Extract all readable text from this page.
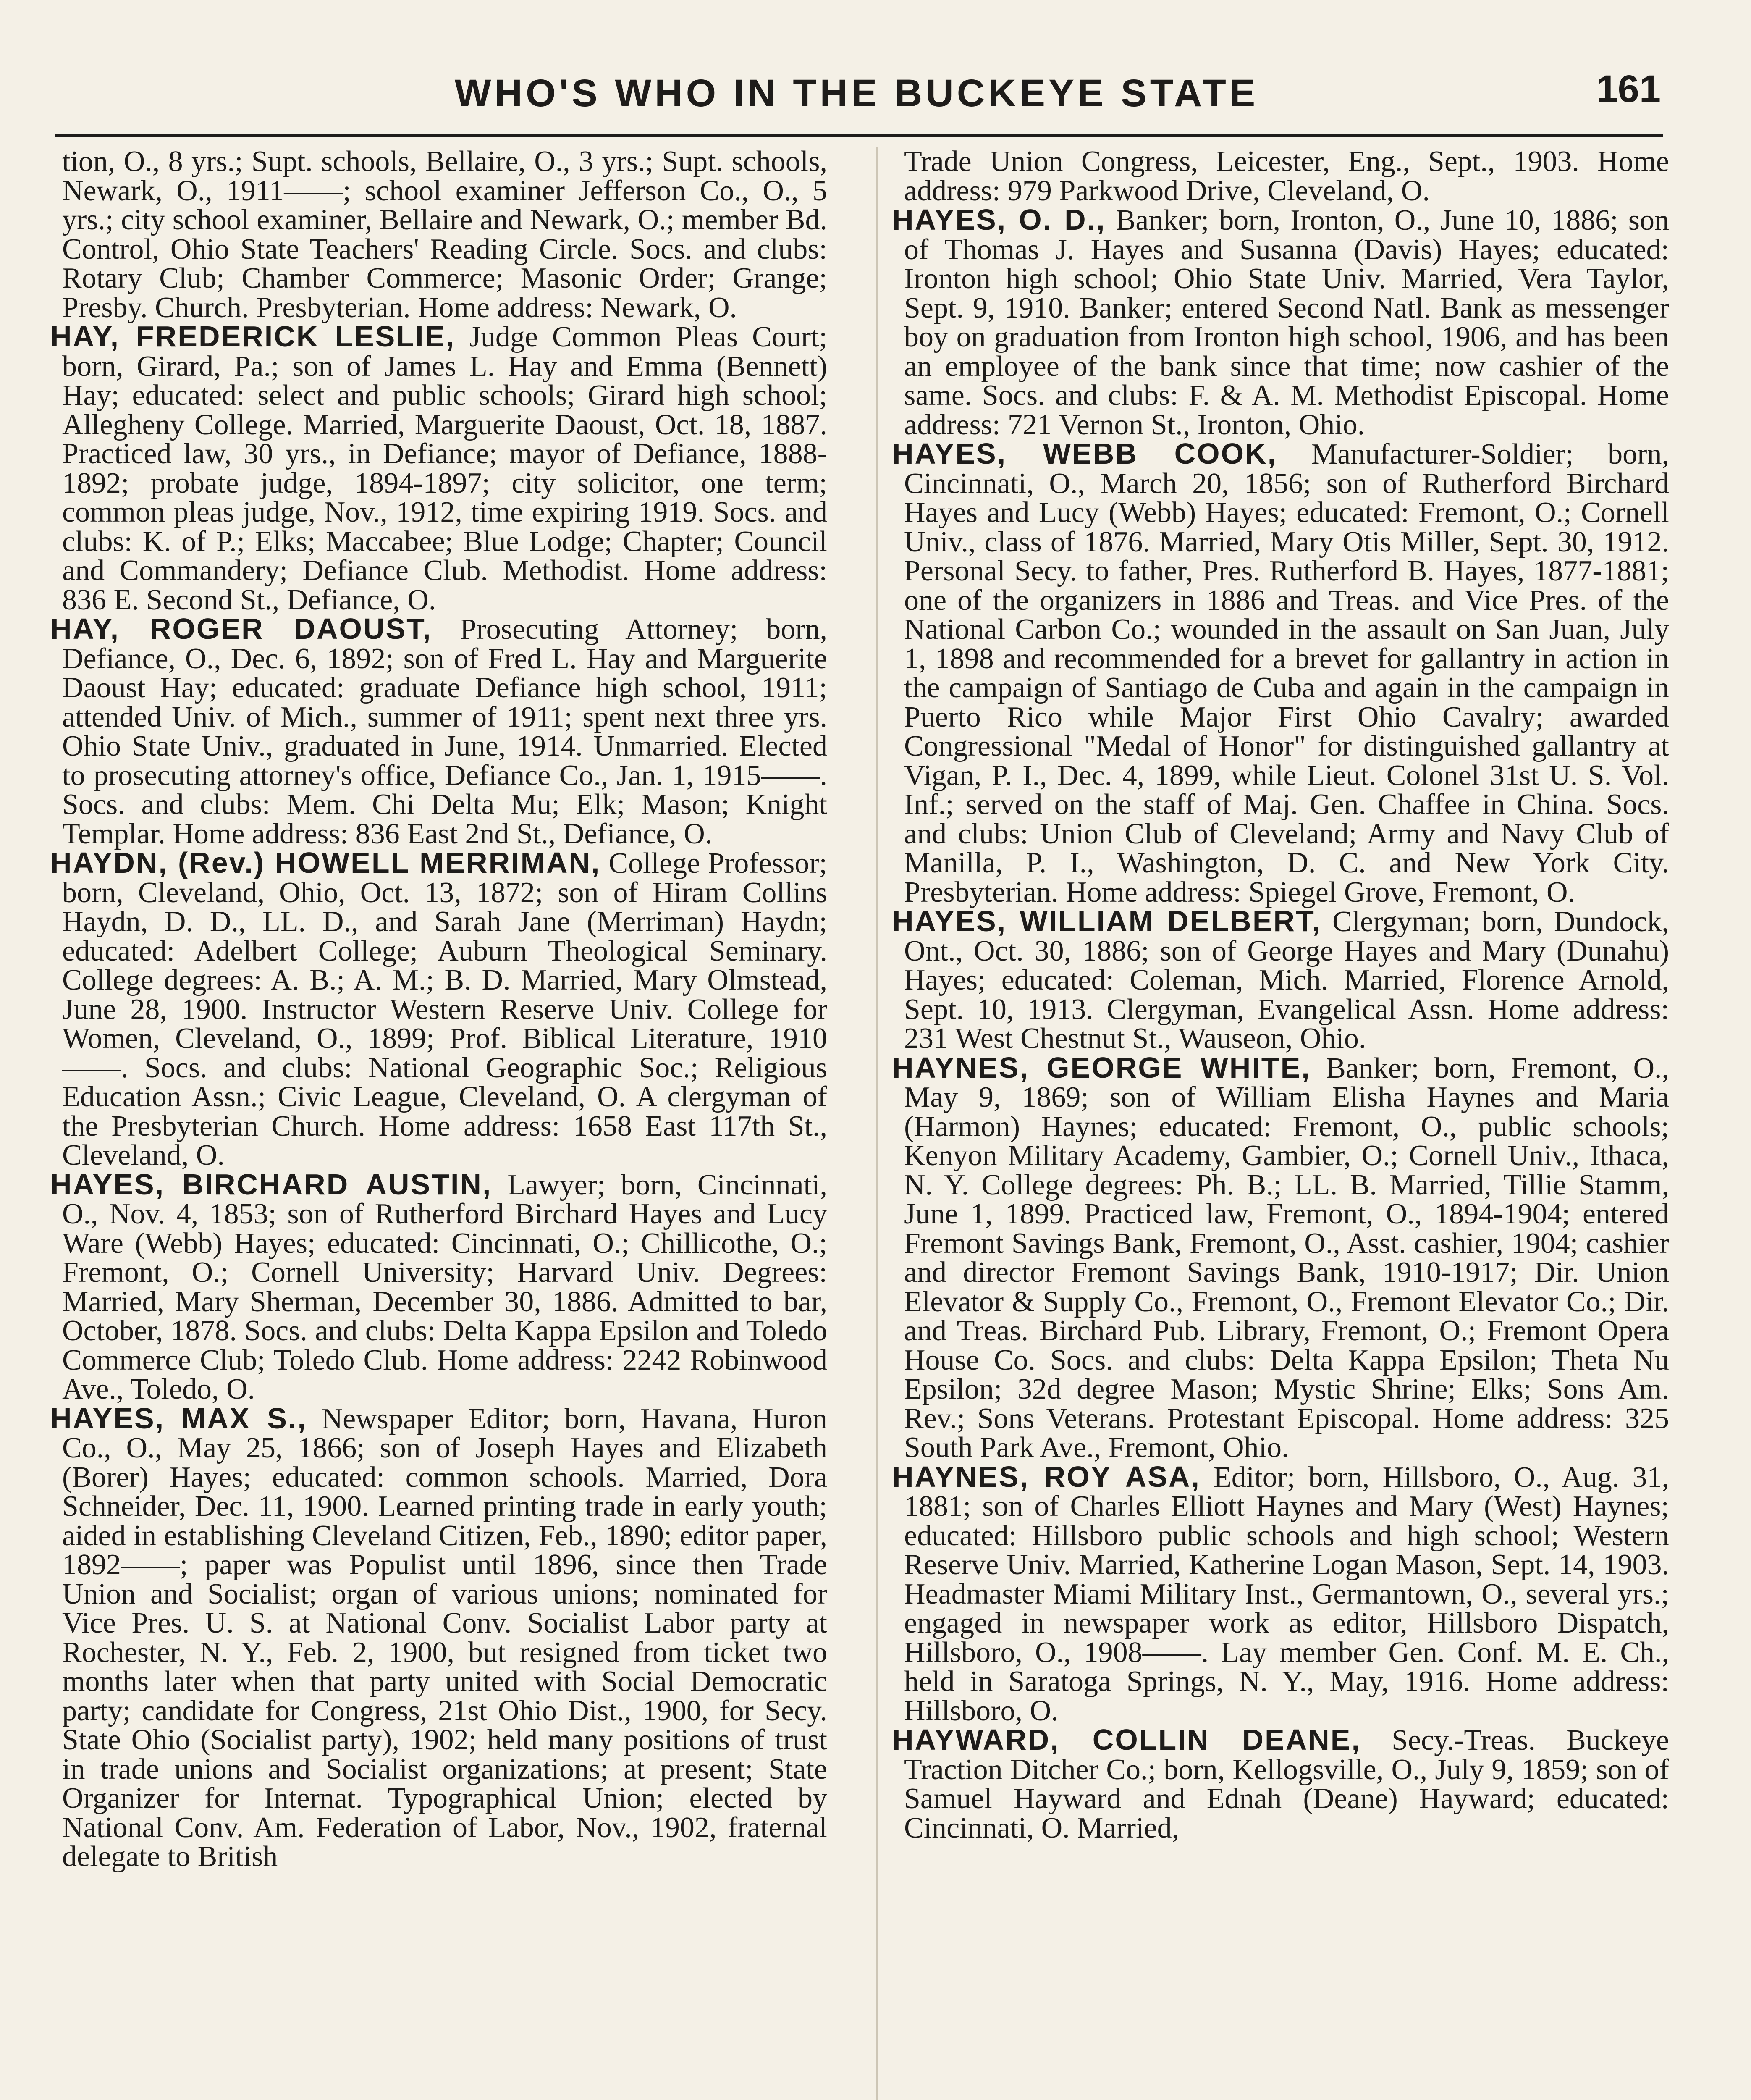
WHO'S WHO IN THE BUCKEYE STATE	161

tion, O., 8 yrs.; Supt. schools, Bellaire, O., 3 yrs.; Supt. schools, Newark, O., 1911——; school examiner Jefferson Co., O., 5 yrs.; city school examiner, Bellaire and Newark, O.; member Bd. Control, Ohio State Teachers' Reading Circle. Socs. and clubs: Rotary Club; Chamber Commerce; Masonic Order; Grange; Presby. Church. Presbyterian. Home address: Newark, O.

HAY, FREDERICK LESLIE, Judge Common Pleas Court; born, Girard, Pa.; son of James L. Hay and Emma (Bennett) Hay; educated: select and public schools; Girard high school; Allegheny College. Married, Marguerite Daoust, Oct. 18, 1887. Practiced law, 30 yrs., in Defiance; mayor of Defiance, 1888-1892; probate judge, 1894-1897; city solicitor, one term; common pleas judge, Nov., 1912, time expiring 1919. Socs. and clubs: K. of P.; Elks; Maccabee; Blue Lodge; Chapter; Council and Commandery; Defiance Club. Methodist. Home address: 836 E. Second St., Defiance, O.

HAY, ROGER DAOUST, Prosecuting Attorney; born, Defiance, O., Dec. 6, 1892; son of Fred L. Hay and Marguerite Daoust Hay; educated: graduate Defiance high school, 1911; attended Univ. of Mich., summer of 1911; spent next three yrs. Ohio State Univ., graduated in June, 1914. Unmarried. Elected to prosecuting attorney's office, Defiance Co., Jan. 1, 1915——. Socs. and clubs: Mem. Chi Delta Mu; Elk; Mason; Knight Templar. Home address: 836 East 2nd St., Defiance, O.

HAYDN, (Rev.) HOWELL MERRIMAN, College Professor; born, Cleveland, Ohio, Oct. 13, 1872; son of Hiram Collins Haydn, D. D., LL. D., and Sarah Jane (Merriman) Haydn; educated: Adelbert College; Auburn Theological Seminary. College degrees: A. B.; A. M.; B. D. Married, Mary Olmstead, June 28, 1900. Instructor Western Reserve Univ. College for Women, Cleveland, O., 1899; Prof. Biblical Literature, 1910——. Socs. and clubs: National Geographic Soc.; Religious Education Assn.; Civic League, Cleveland, O. A clergyman of the Presbyterian Church. Home address: 1658 East 117th St., Cleveland, O.

HAYES, BIRCHARD AUSTIN, Lawyer; born, Cincinnati, O., Nov. 4, 1853; son of Rutherford Birchard Hayes and Lucy Ware (Webb) Hayes; educated: Cincinnati, O.; Chillicothe, O.; Fremont, O.; Cornell University; Harvard Univ. Degrees: Married, Mary Sherman, December 30, 1886. Admitted to bar, October, 1878. Socs. and clubs: Delta Kappa Epsilon and Toledo Commerce Club; Toledo Club. Home address: 2242 Robinwood Ave., Toledo, O.

HAYES, MAX S., Newspaper Editor; born, Havana, Huron Co., O., May 25, 1866; son of Joseph Hayes and Elizabeth (Borer) Hayes; educated: common schools. Married, Dora Schneider, Dec. 11, 1900. Learned printing trade in early youth; aided in establishing Cleveland Citizen, Feb., 1890; editor paper, 1892——; paper was Populist until 1896, since then Trade Union and Socialist; organ of various unions; nominated for Vice Pres. U. S. at National Conv. Socialist Labor party at Rochester, N. Y., Feb. 2, 1900, but resigned from ticket two months later when that party united with Social Democratic party; candidate for Congress, 21st Ohio Dist., 1900, for Secy. State Ohio (Socialist party), 1902; held many positions of trust in trade unions and Socialist organizations; at present; State Organizer for Internat. Typographical Union; elected by National Conv. Am. Federation of Labor, Nov., 1902, fraternal delegate to British

Trade Union Congress, Leicester, Eng., Sept., 1903. Home address: 979 Parkwood Drive, Cleveland, O.

HAYES, O. D., Banker; born, Ironton, O., June 10, 1886; son of Thomas J. Hayes and Susanna (Davis) Hayes; educated: Ironton high school; Ohio State Univ. Married, Vera Taylor, Sept. 9, 1910. Banker; entered Second Natl. Bank as messenger boy on graduation from Ironton high school, 1906, and has been an employee of the bank since that time; now cashier of the same. Socs. and clubs: F. & A. M. Methodist Episcopal. Home address: 721 Vernon St., Ironton, Ohio.

HAYES, WEBB COOK, Manufacturer-Soldier; born, Cincinnati, O., March 20, 1856; son of Rutherford Birchard Hayes and Lucy (Webb) Hayes; educated: Fremont, O.; Cornell Univ., class of 1876. Married, Mary Otis Miller, Sept. 30, 1912. Personal Secy. to father, Pres. Rutherford B. Hayes, 1877-1881; one of the organizers in 1886 and Treas. and Vice Pres. of the National Carbon Co.; wounded in the assault on San Juan, July 1, 1898 and recommended for a brevet for gallantry in action in the campaign of Santiago de Cuba and again in the campaign in Puerto Rico while Major First Ohio Cavalry; awarded Congressional "Medal of Honor" for distinguished gallantry at Vigan, P. I., Dec. 4, 1899, while Lieut. Colonel 31st U. S. Vol. Inf.; served on the staff of Maj. Gen. Chaffee in China. Socs. and clubs: Union Club of Cleveland; Army and Navy Club of Manilla, P. I., Washington, D. C. and New York City. Presbyterian. Home address: Spiegel Grove, Fremont, O.

HAYES, WILLIAM DELBERT, Clergyman; born, Dundock, Ont., Oct. 30, 1886; son of George Hayes and Mary (Dunahu) Hayes; educated: Coleman, Mich. Married, Florence Arnold, Sept. 10, 1913. Clergyman, Evangelical Assn. Home address: 231 West Chestnut St., Wauseon, Ohio.

HAYNES, GEORGE WHITE, Banker; born, Fremont, O., May 9, 1869; son of William Elisha Haynes and Maria (Harmon) Haynes; educated: Fremont, O., public schools; Kenyon Military Academy, Gambier, O.; Cornell Univ., Ithaca, N. Y. College degrees: Ph. B.; LL. B. Married, Tillie Stamm, June 1, 1899. Practiced law, Fremont, O., 1894-1904; entered Fremont Savings Bank, Fremont, O., Asst. cashier, 1904; cashier and director Fremont Savings Bank, 1910-1917; Dir. Union Elevator & Supply Co., Fremont, O., Fremont Elevator Co.; Dir. and Treas. Birchard Pub. Library, Fremont, O.; Fremont Opera House Co. Socs. and clubs: Delta Kappa Epsilon; Theta Nu Epsilon; 32d degree Mason; Mystic Shrine; Elks; Sons Am. Rev.; Sons Veterans. Protestant Episcopal. Home address: 325 South Park Ave., Fremont, Ohio.

HAYNES, ROY ASA, Editor; born, Hillsboro, O., Aug. 31, 1881; son of Charles Elliott Haynes and Mary (West) Haynes; educated: Hillsboro public schools and high school; Western Reserve Univ. Married, Katherine Logan Mason, Sept. 14, 1903. Headmaster Miami Military Inst., Germantown, O., several yrs.; engaged in newspaper work as editor, Hillsboro Dispatch, Hillsboro, O., 1908——. Lay member Gen. Conf. M. E. Ch., held in Saratoga Springs, N. Y., May, 1916. Home address: Hillsboro, O.

HAYWARD, COLLIN DEANE, Secy.-Treas. Buckeye Traction Ditcher Co.; born, Kellogsville, O., July 9, 1859; son of Samuel Hayward and Ednah (Deane) Hayward; educated: Cincinnati, O. Married,
